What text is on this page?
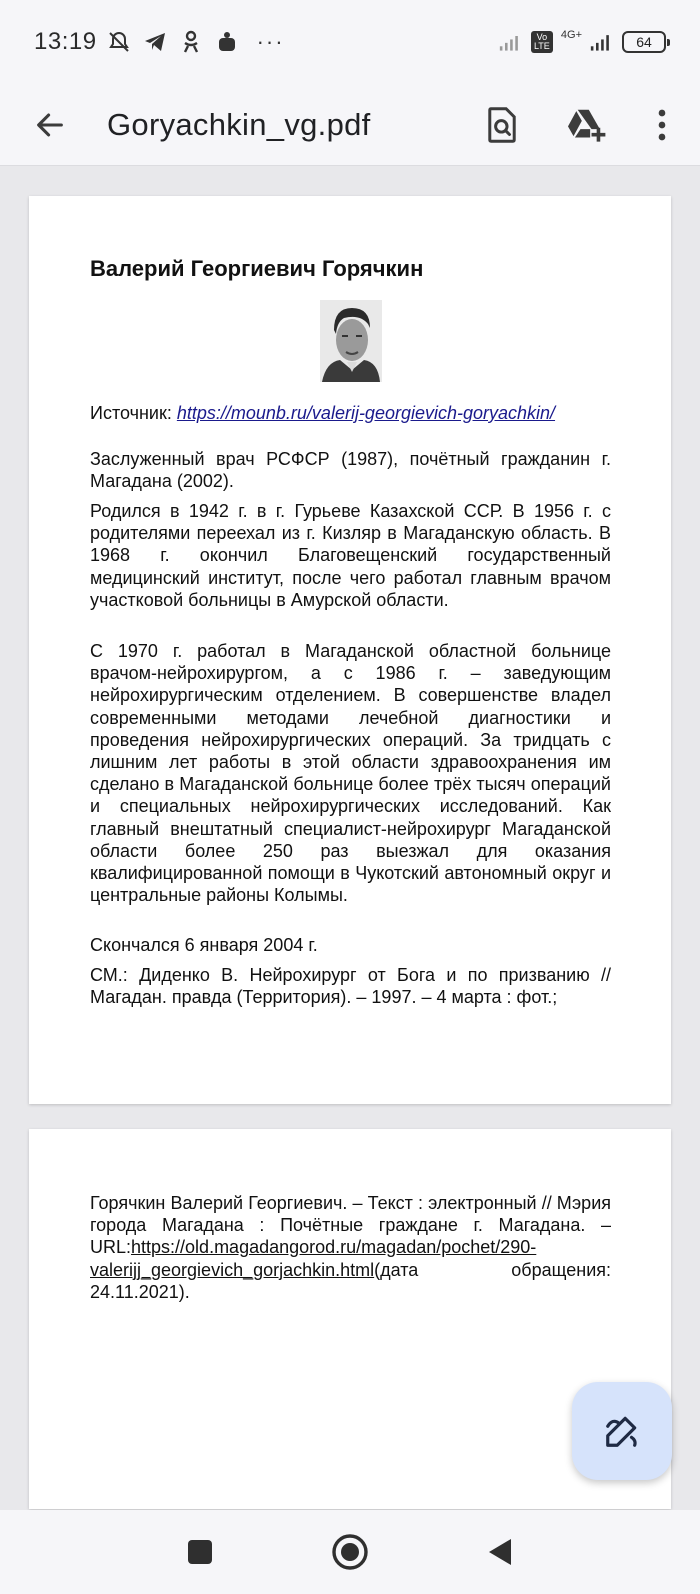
13:19	···	Vo LTE
4G+	64
Goryachkin_vg.pdf
Валерий Георгиевич Горячкин
Источник: https://mounb.ru/valerij-georgievich-goryachkin/
Заслуженный врач РСФСР (1987), почётный гражданин г. Магадана (2002).
Родился в 1942 г. в г. Гурьеве Казахской ССР. В 1956 г. с родителями переехал из г. Кизляр в Магаданскую область. В 1968 г. окончил Благовещенский государственный медицинский институт, после чего работал главным врачом участковой больницы в Амурской области.
С 1970 г. работал в Магаданской областной больнице врачом-нейрохирургом, а с 1986 г. – заведующим нейрохирургическим отделением. В совершенстве владел современными методами лечебной диагностики и проведения нейрохирургических операций. За тридцать с лишним лет работы в этой области здравоохранения им сделано в Магаданской больнице более трёх тысяч операций и специальных нейрохирургических исследований. Как главный внештатный специалист-нейрохирург Магаданской области более 250 раз выезжал для оказания квалифицированной помощи в Чукотский автономный округ и центральные районы Колымы.
Скончался 6 января 2004 г.
СМ.: Диденко В. Нейрохирург от Бога и по призванию // Магадан. правда (Территория). – 1997. – 4 марта : фот.;
Горячкин Валерий Георгиевич. – Текст : электронный // Мэрия города Магадана : Почётные граждане г. Магадана. – URL:https://old.magadangorod.ru/magadan/pochet/290-valerijj_georgievich_gorjachkin.html(дата обращения: 24.11.2021).
